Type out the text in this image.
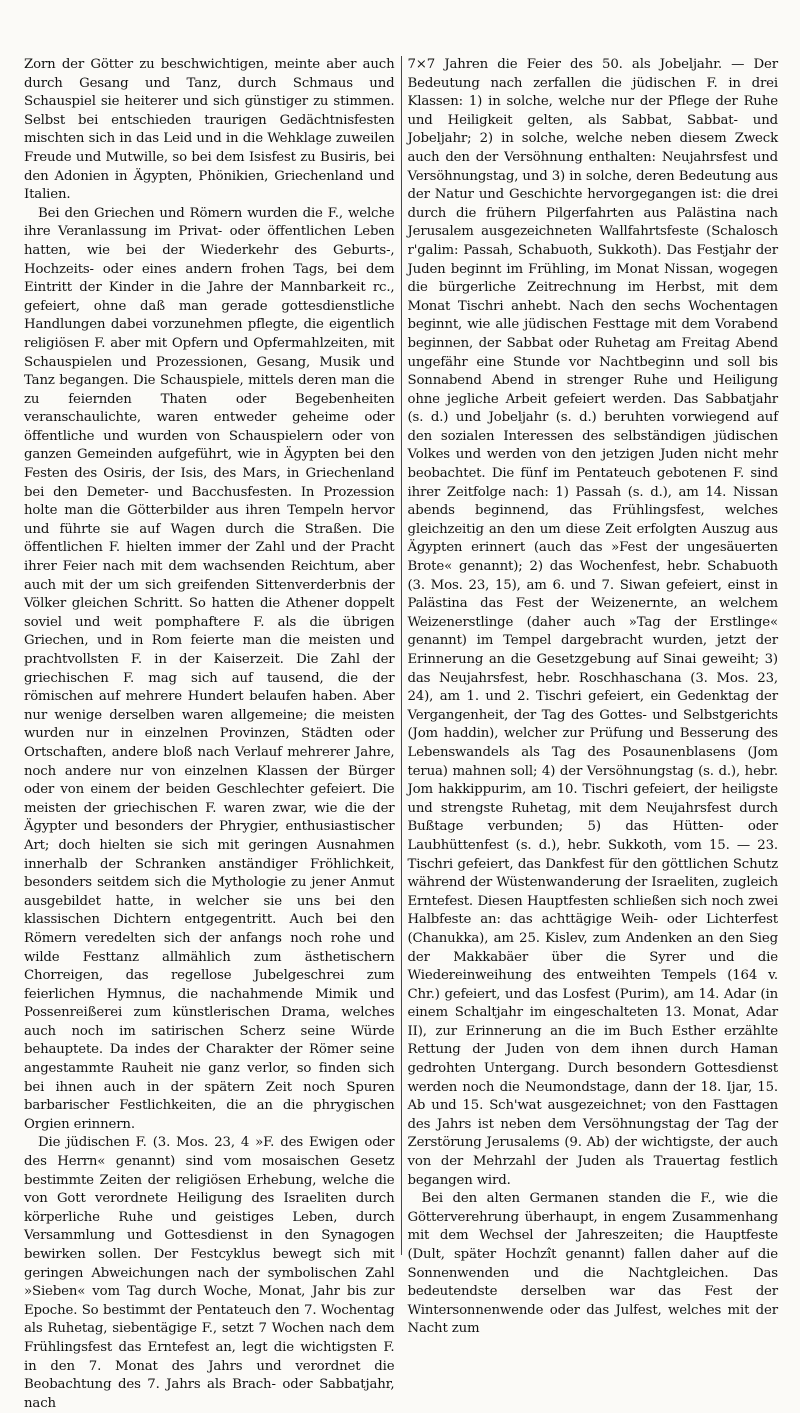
Zorn der Götter zu beschwichtigen, meinte aber auch durch Gesang und Tanz, durch Schmaus und Schauspiel sie heiterer und sich günstiger zu stimmen. Selbst bei entschieden traurigen Gedächtnisfesten mischten sich in das Leid und in die Wehklage zuweilen Freude und Mutwille, so bei dem Isisfest zu Busiris, bei den Adonien in Ägypten, Phönikien, Griechenland und Italien.

Bei den Griechen und Römern wurden die F., welche ihre Veranlassung im Privat- oder öffentlichen Leben hatten, wie bei der Wiederkehr des Geburts-, Hochzeits- oder eines andern frohen Tags, bei dem Eintritt der Kinder in die Jahre der Mannbarkeit rc., gefeiert, ohne daß man gerade gottesdienstliche Handlungen dabei vorzunehmen pflegte, die eigentlich religiösen F. aber mit Opfern und Opfermahlzeiten, mit Schauspielen und Prozessionen, Gesang, Musik und Tanz begangen. Die Schauspiele, mittels deren man die zu feiernden Thaten oder Begebenheiten veranschaulichte, waren entweder geheime oder öffentliche und wurden von Schauspielern oder von ganzen Gemeinden aufgeführt, wie in Ägypten bei den Festen des Osiris, der Isis, des Mars, in Griechenland bei den Demeter- und Bacchusfesten. In Prozession holte man die Götterbilder aus ihren Tempeln hervor und führte sie auf Wagen durch die Straßen. Die öffentlichen F. hielten immer der Zahl und der Pracht ihrer Feier nach mit dem wachsenden Reichtum, aber auch mit der um sich greifenden Sittenverderbnis der Völker gleichen Schritt. So hatten die Athener doppelt soviel und weit pomphaftere F. als die übrigen Griechen, und in Rom feierte man die meisten und prachtvollsten F. in der Kaiserzeit. Die Zahl der griechischen F. mag sich auf tausend, die der römischen auf mehrere Hundert belaufen haben. Aber nur wenige derselben waren allgemeine; die meisten wurden nur in einzelnen Provinzen, Städten oder Ortschaften, andere bloß nach Verlauf mehrerer Jahre, noch andere nur von einzelnen Klassen der Bürger oder von einem der beiden Geschlechter gefeiert. Die meisten der griechischen F. waren zwar, wie die der Ägypter und besonders der Phrygier, enthusiastischer Art; doch hielten sie sich mit geringen Ausnahmen innerhalb der Schranken anständiger Fröhlichkeit, besonders seitdem sich die Mythologie zu jener Anmut ausgebildet hatte, in welcher sie uns bei den klassischen Dichtern entgegentritt. Auch bei den Römern veredelten sich der anfangs noch rohe und wilde Festtanz allmählich zum ästhetischern Chorreigen, das regellose Jubelgeschrei zum feierlichen Hymnus, die nachahmende Mimik und Possenreißerei zum künstlerischen Drama, welches auch noch im satirischen Scherz seine Würde behauptete. Da indes der Charakter der Römer seine angestammte Rauheit nie ganz verlor, so finden sich bei ihnen auch in der spätern Zeit noch Spuren barbarischer Festlichkeiten, die an die phrygischen Orgien erinnern.

Die jüdischen F. (3. Mos. 23, 4 »F. des Ewigen oder des Herrn« genannt) sind vom mosaischen Gesetz bestimmte Zeiten der religiösen Erhebung, welche die von Gott verordnete Heiligung des Israeliten durch körperliche Ruhe und geistiges Leben, durch Versammlung und Gottesdienst in den Synagogen bewirken sollen. Der Festcyklus bewegt sich mit geringen Abweichungen nach der symbolischen Zahl »Sieben« vom Tag durch Woche, Monat, Jahr bis zur Epoche. So bestimmt der Pentateuch den 7. Wochentag als Ruhetag, siebentägige F., setzt 7 Wochen nach dem Frühlingsfest das Erntefest an, legt die wichtigsten F. in den 7. Monat des Jahrs und verordnet die Beobachtung des 7. Jahrs als Brach- oder Sabbatjahr, nach

7×7 Jahren die Feier des 50. als Jobeljahr. — Der Bedeutung nach zerfallen die jüdischen F. in drei Klassen: 1) in solche, welche nur der Pflege der Ruhe und Heiligkeit gelten, als Sabbat, Sabbat- und Jobeljahr; 2) in solche, welche neben diesem Zweck auch den der Versöhnung enthalten: Neujahrsfest und Versöhnungstag, und 3) in solche, deren Bedeutung aus der Natur und Geschichte hervorgegangen ist: die drei durch die frühern Pilgerfahrten aus Palästina nach Jerusalem ausgezeichneten Wallfahrtsfeste (Schalosch r'galim: Passah, Schabuoth, Sukkoth). Das Festjahr der Juden beginnt im Frühling, im Monat Nissan, wogegen die bürgerliche Zeitrechnung im Herbst, mit dem Monat Tischri anhebt. Nach den sechs Wochentagen beginnt, wie alle jüdischen Festtage mit dem Vorabend beginnen, der Sabbat oder Ruhetag am Freitag Abend ungefähr eine Stunde vor Nachtbeginn und soll bis Sonnabend Abend in strenger Ruhe und Heiligung ohne jegliche Arbeit gefeiert werden. Das Sabbatjahr (s. d.) und Jobeljahr (s. d.) beruhten vorwiegend auf den sozialen Interessen des selbständigen jüdischen Volkes und werden von den jetzigen Juden nicht mehr beobachtet. Die fünf im Pentateuch gebotenen F. sind ihrer Zeitfolge nach: 1) Passah (s. d.), am 14. Nissan abends beginnend, das Frühlingsfest, welches gleichzeitig an den um diese Zeit erfolgten Auszug aus Ägypten erinnert (auch das »Fest der ungesäuerten Brote« genannt); 2) das Wochenfest, hebr. Schabuoth (3. Mos. 23, 15), am 6. und 7. Siwan gefeiert, einst in Palästina das Fest der Weizenernte, an welchem Weizenerstlinge (daher auch »Tag der Erstlinge« genannt) im Tempel dargebracht wurden, jetzt der Erinnerung an die Gesetzgebung auf Sinai geweiht; 3) das Neujahrsfest, hebr. Roschhaschana (3. Mos. 23, 24), am 1. und 2. Tischri gefeiert, ein Gedenktag der Vergangenheit, der Tag des Gottes- und Selbstgerichts (Jom haddin), welcher zur Prüfung und Besserung des Lebenswandels als Tag des Posaunenblasens (Jom terua) mahnen soll; 4) der Versöhnungstag (s. d.), hebr. Jom hakkippurim, am 10. Tischri gefeiert, der heiligste und strengste Ruhetag, mit dem Neujahrsfest durch Bußtage verbunden; 5) das Hütten- oder Laubhüttenfest (s. d.), hebr. Sukkoth, vom 15. — 23. Tischri gefeiert, das Dankfest für den göttlichen Schutz während der Wüstenwanderung der Israeliten, zugleich Erntefest. Diesen Hauptfesten schließen sich noch zwei Halbfeste an: das achttägige Weih- oder Lichterfest (Chanukka), am 25. Kislev, zum Andenken an den Sieg der Makkabäer über die Syrer und die Wiedereinweihung des entweihten Tempels (164 v. Chr.) gefeiert, und das Losfest (Purim), am 14. Adar (in einem Schaltjahr im eingeschalteten 13. Monat, Adar II), zur Erinnerung an die im Buch Esther erzählte Rettung der Juden von dem ihnen durch Haman gedrohten Untergang. Durch besondern Gottesdienst werden noch die Neumondstage, dann der 18. Ijar, 15. Ab und 15. Sch'wat ausgezeichnet; von den Fasttagen des Jahrs ist neben dem Versöhnungstag der Tag der Zerstörung Jerusalems (9. Ab) der wichtigste, der auch von der Mehrzahl der Juden als Trauertag festlich begangen wird.

Bei den alten Germanen standen die F., wie die Götterverehrung überhaupt, in engem Zusammenhang mit dem Wechsel der Jahreszeiten; die Hauptfeste (Dult, später Hochzît genannt) fallen daher auf die Sonnenwenden und die Nachtgleichen. Das bedeutendste derselben war das Fest der Wintersonnenwende oder das Julfest, welches mit der Nacht zum
